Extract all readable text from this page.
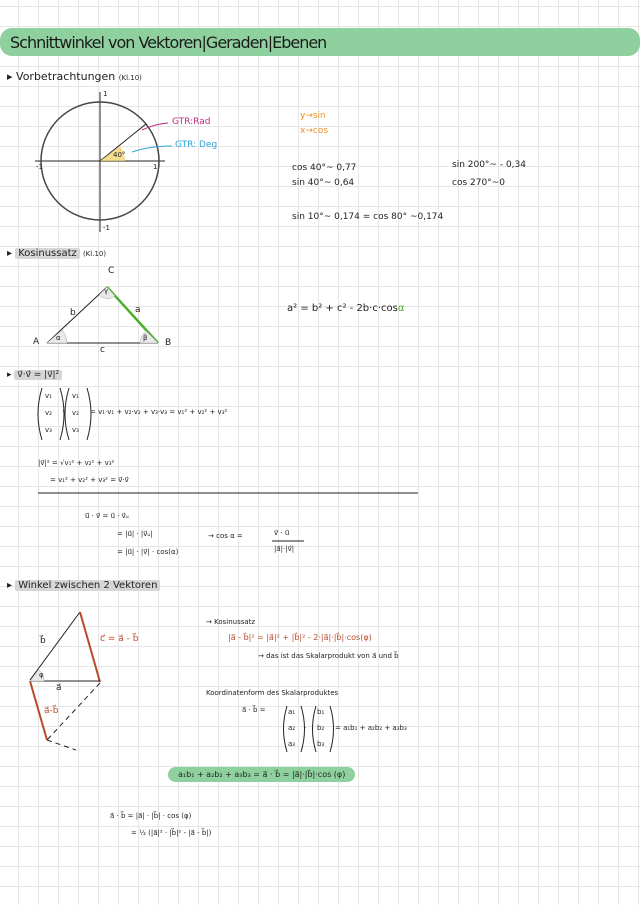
Schnittwinkel von Vektoren|Geraden|Ebenen
▸ Vorbetrachtungen (Kl.10)
1
1
-1
-1
40°
GTR:Rad
GTR: Deg
y→sin
x→cos
cos 40°~ 0,77
sin 40°~ 0,64
sin 200°~ - 0,34
cos 270°~0
sin 10°~ 0,174 = cos 80° ~0,174
▸ Kosinussatz (Kl.10)
C
A	B
b	a
c
α	β
γ
a² = b² + c² - 2b·c·cosα
▸ v⃗·v⃗ = |v⃗|²
v₁
v₂
v₃
·
v₁
v₂
v₃
= v₁·v₁ + v₂·v₂ + v₃·v₃ = v₁² + v₂² + v₃²
|v⃗|² = √v₁² + v₂² + v₃²
= v₁² + v₂² + v₃² = v⃗·v⃗
u⃗ · v⃗ = u⃗ · v⃗ᵤ
= |u⃗| · |v⃗ᵤ|
= |u⃗| · |v⃗| · cos(α)
→ cos α =	v⃗ · u⃗
|a⃗|·|v⃗|
▸ Winkel zwischen 2 Vektoren
b⃗	c⃗ = a⃗ - b⃗
a⃗
a⃗-b⃗
φ
→ Kosinussatz
|a⃗ - b⃗|² = |a⃗|² + |b⃗|² - 2·|a⃗|·|b⃗|·cos(φ)
→ das ist das Skalarprodukt von a⃗ und b⃗
Koordinatenform des Skalarproduktes
a⃗ · b⃗ =	a₁
a₂
a₃
·
b₁
b₂
b₃
= a₁b₁ + a₂b₂ + a₃b₃
a₁b₁ + a₂b₂ + a₃b₃ = a⃗ · b⃗ = |a⃗|·|b⃗|·cos (φ)
a⃗ · b⃗ = |a⃗| · |b⃗| · cos (φ)
= ½ (|a⃗|² · |b⃗|² - |a⃗ - b⃗|)
